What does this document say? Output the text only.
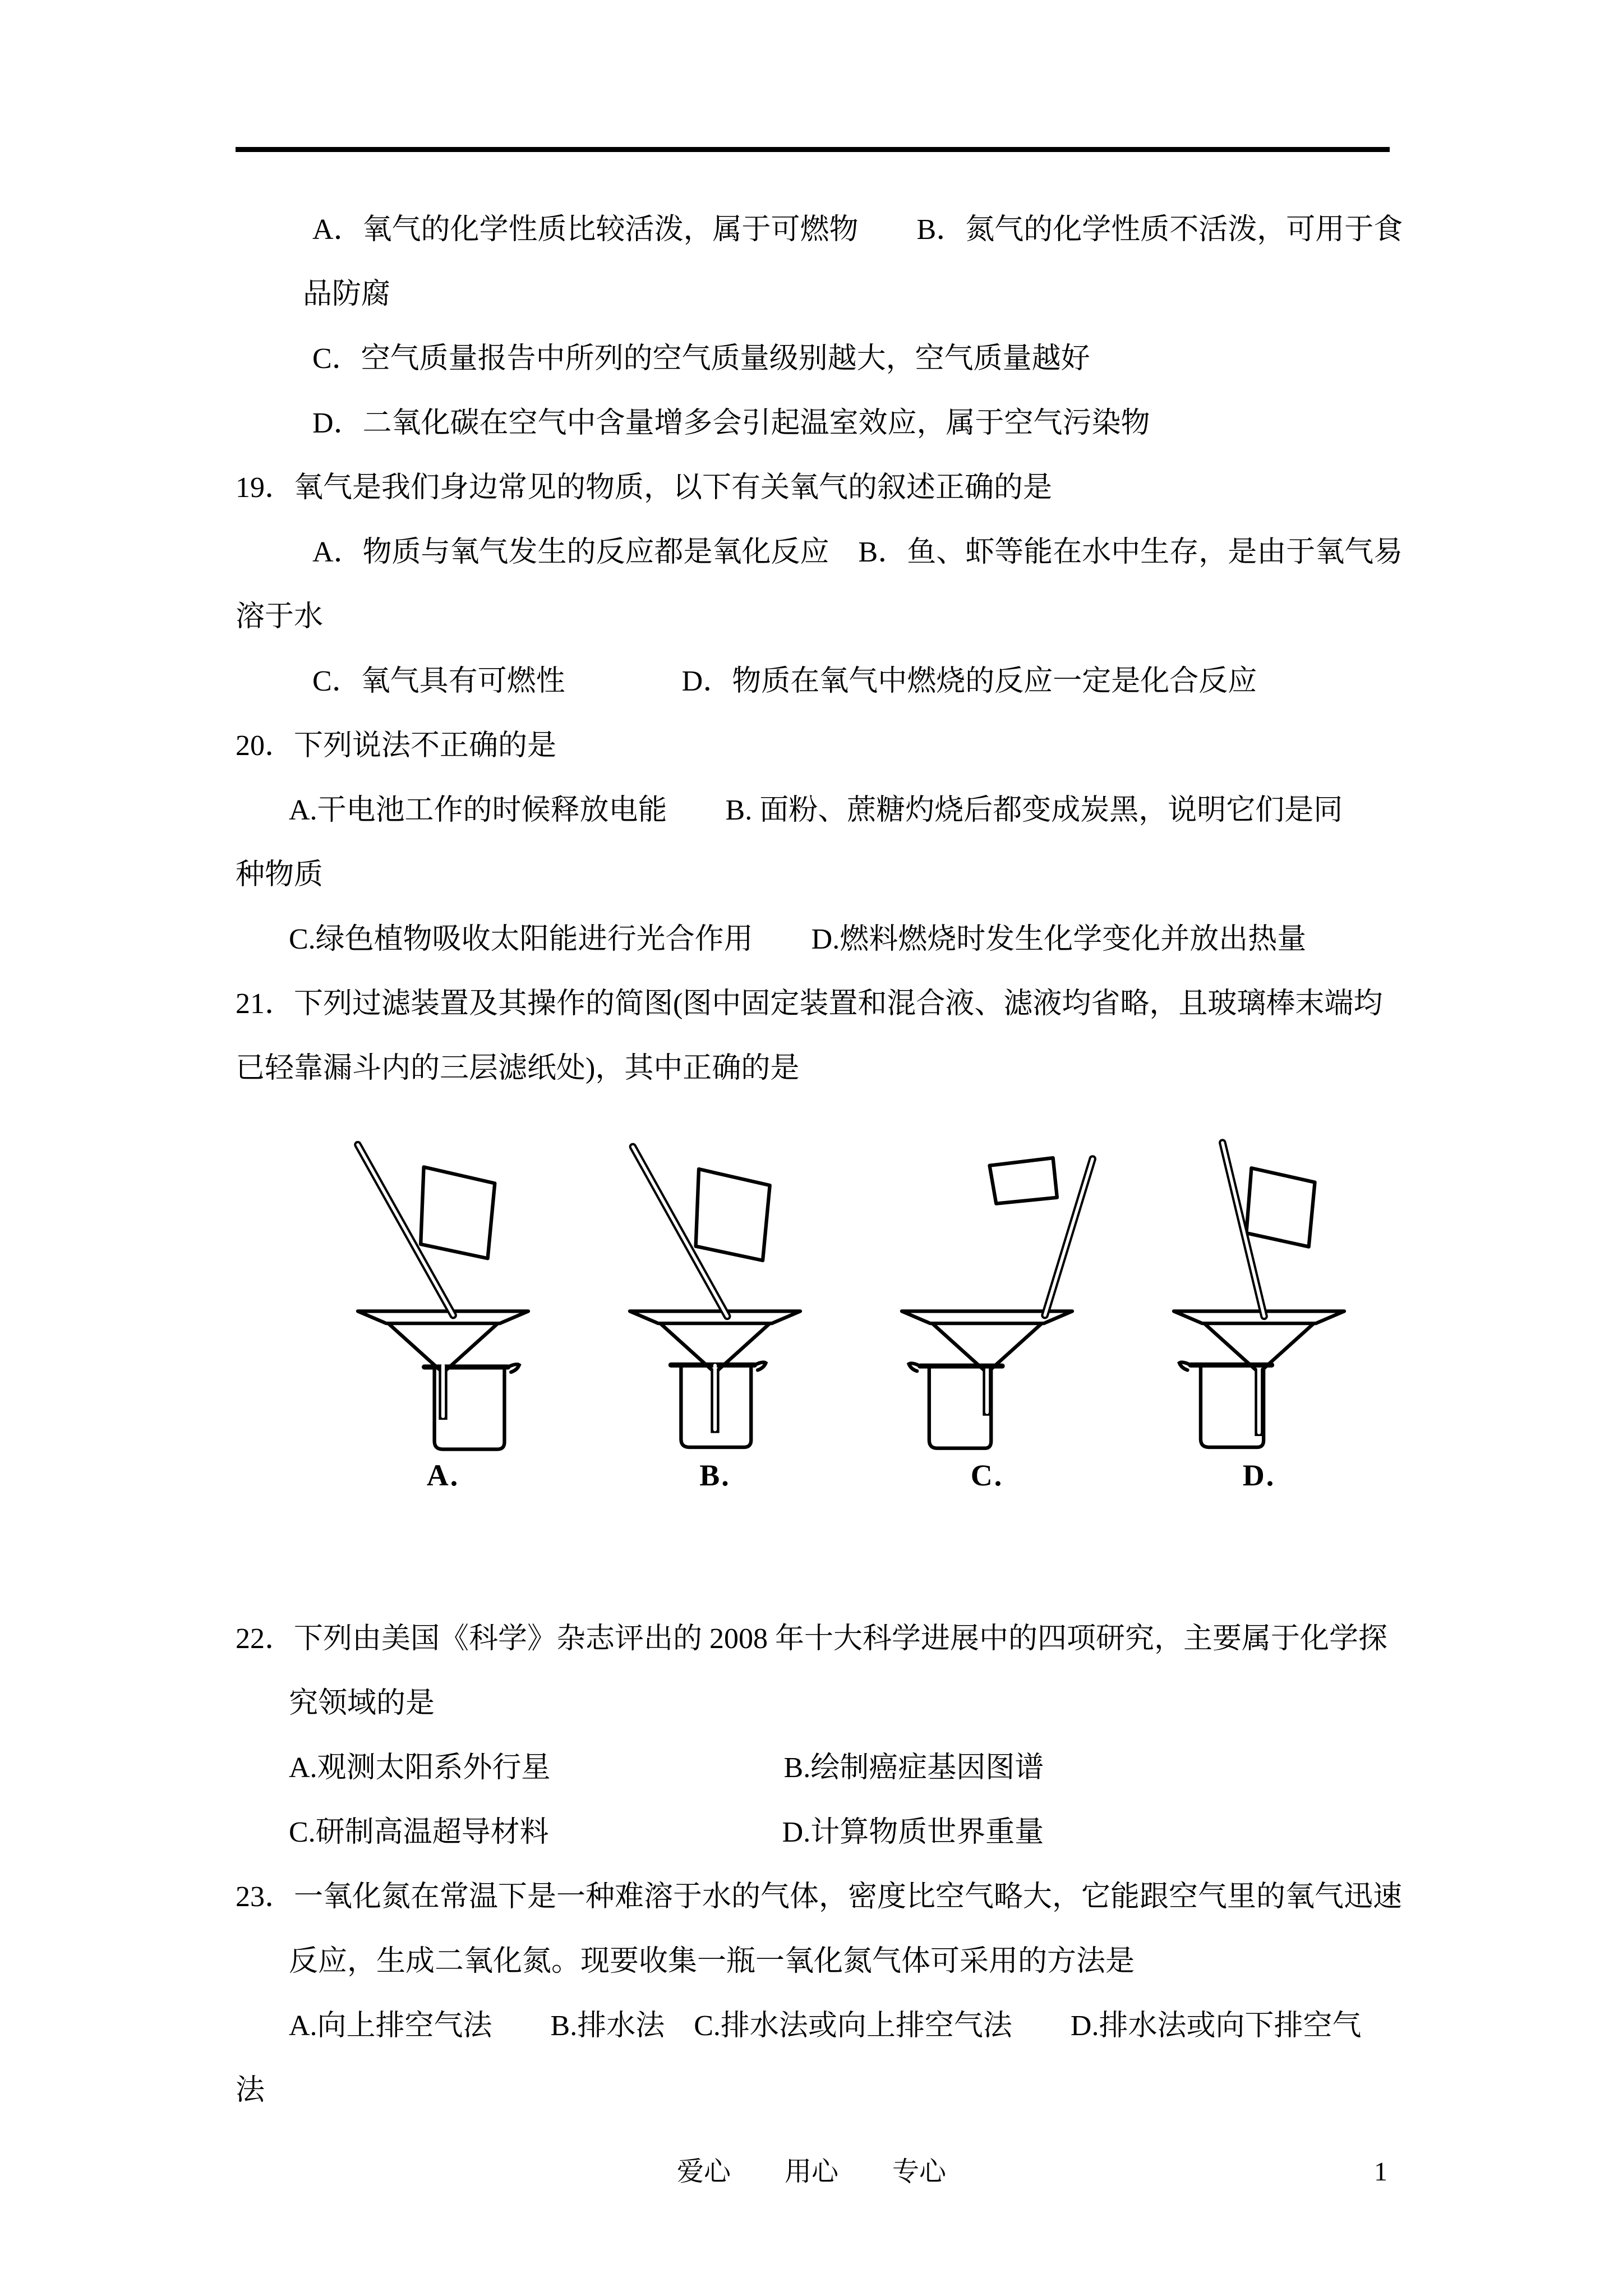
A．氧气的化学性质比较活泼，属于可燃物　　B．氮气的化学性质不活泼，可用于食
品防腐
C．空气质量报告中所列的空气质量级别越大，空气质量越好
D．二氧化碳在空气中含量增多会引起温室效应，属于空气污染物
19．氧气是我们身边常见的物质，以下有关氧气的叙述正确的是
A．物质与氧气发生的反应都是氧化反应　B．鱼、虾等能在水中生存，是由于氧气易
溶于水
C．氧气具有可燃性　　　　D．物质在氧气中燃烧的反应一定是化合反应
20．下列说法不正确的是
A.干电池工作的时候释放电能　　B. 面粉、蔗糖灼烧后都变成炭黑，说明它们是同
种物质
C.绿色植物吸收太阳能进行光合作用　　D.燃料燃烧时发生化学变化并放出热量
21．下列过滤装置及其操作的简图(图中固定装置和混合液、滤液均省略，且玻璃棒末端均
已轻靠漏斗内的三层滤纸处)，其中正确的是
A.	B.	C.	D.
22．下列由美国《科学》杂志评出的 2008 年十大科学进展中的四项研究，主要属于化学探
究领域的是
A.观测太阳系外行星　　　　　　　　B.绘制癌症基因图谱
C.研制高温超导材料　　　　　　　　D.计算物质世界重量
23．一氧化氮在常温下是一种难溶于水的气体，密度比空气略大，它能跟空气里的氧气迅速
反应，生成二氧化氮。现要收集一瓶一氧化氮气体可采用的方法是
A.向上排空气法　　B.排水法　C.排水法或向上排空气法　　D.排水法或向下排空气
法
爱心　　用心　　专心	1
